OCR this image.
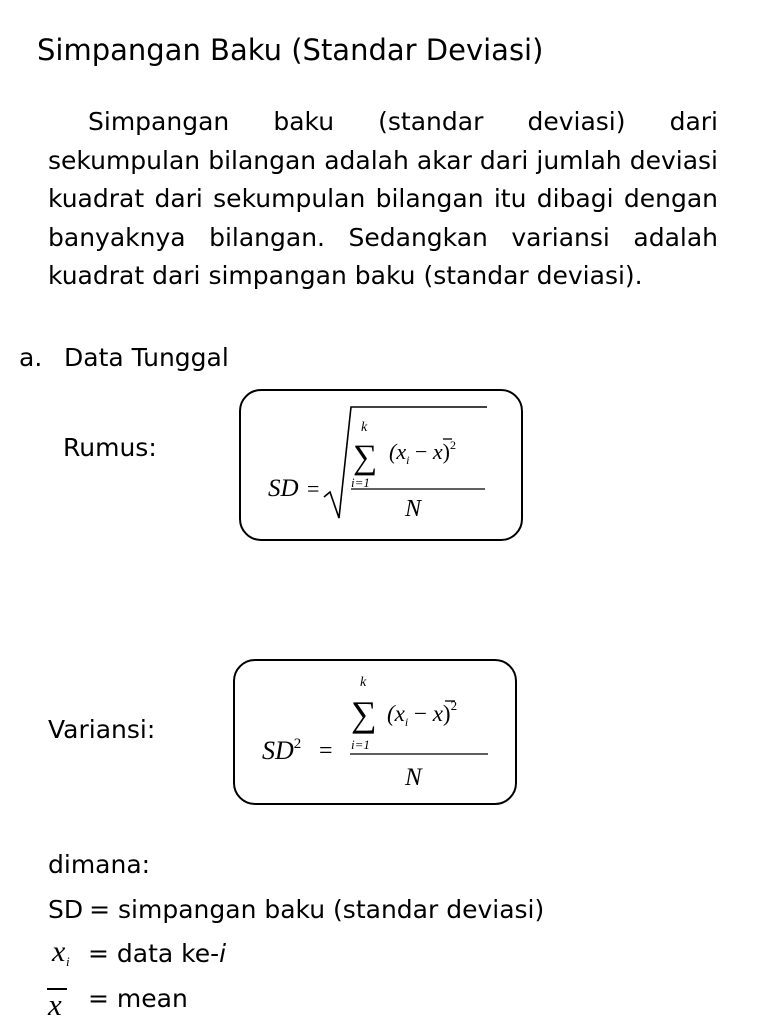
Simpangan Baku (Standar Deviasi)
Simpangan baku (standar deviasi) dari sekumpulan bilangan adalah akar dari jumlah deviasi kuadrat dari sekumpulan bilangan itu dibagi dengan banyaknya bilangan. Sedangkan variansi adalah kuadrat dari simpangan baku (standar deviasi).
a. Data Tunggal
Rumus:
SD =
k
∑
i=1
$(x_i - x)^2$
N
Variansi:
$SD^2$ =
k
∑
i=1
$(x_i - x)^2$
N
dimana:
SD = simpangan baku (standar deviasi)
x i = data ke-i
x = mean
